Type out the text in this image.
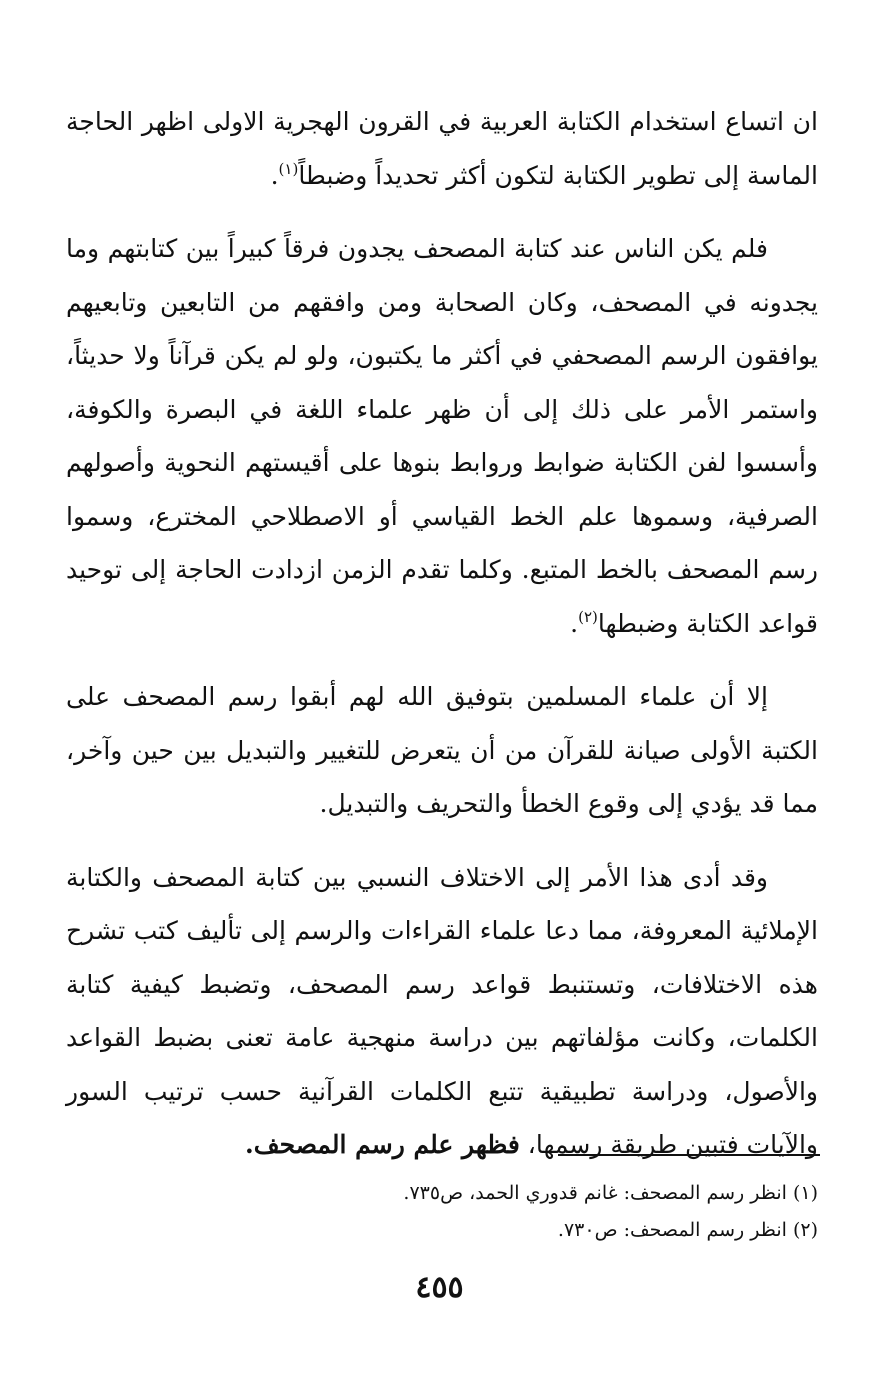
ان اتساع استخدام الكتابة العربية في القرون الهجرية الاولى اظهر الحاجة الماسة إلى تطوير الكتابة لتكون أكثر تحديداً وضبطاً$^{(١)}$.

فلم يكن الناس عند كتابة المصحف يجدون فرقاً كبيراً بين كتابتهم وما يجدونه في المصحف، وكان الصحابة ومن وافقهم من التابعين وتابعيهم يوافقون الرسم المصحفي في أكثر ما يكتبون، ولو لم يكن قرآناً ولا حديثاً، واستمر الأمر على ذلك إلى أن ظهر علماء اللغة في البصرة والكوفة، وأسسوا لفن الكتابة ضوابط وروابط بنوها على أقيستهم النحوية وأصولهم الصرفية، وسموها علم الخط القياسي أو الاصطلاحي المخترع، وسموا رسم المصحف بالخط المتبع. وكلما تقدم الزمن ازدادت الحاجة إلى توحيد قواعد الكتابة وضبطها$^{(٢)}$.

إلا أن علماء المسلمين بتوفيق الله لهم أبقوا رسم المصحف على الكتبة الأولى صيانة للقرآن من أن يتعرض للتغيير والتبديل بين حين وآخر، مما قد يؤدي إلى وقوع الخطأ والتحريف والتبديل.

وقد أدى هذا الأمر إلى الاختلاف النسبي بين كتابة المصحف والكتابة الإملائية المعروفة، مما دعا علماء القراءات والرسم إلى تأليف كتب تشرح هذه الاختلافات، وتستنبط قواعد رسم المصحف، وتضبط كيفية كتابة الكلمات، وكانت مؤلفاتهم بين دراسة منهجية عامة تعنى بضبط القواعد والأصول، ودراسة تطبيقية تتبع الكلمات القرآنية حسب ترتيب السور والآيات فتبين طريقة رسمها، فظهر علم رسم المصحف.

(١) انظر رسم المصحف: غانم قدوري الحمد، ص٧٣٥.

(٢) انظر رسم المصحف: ص٧٣٠.

٤٥٥
